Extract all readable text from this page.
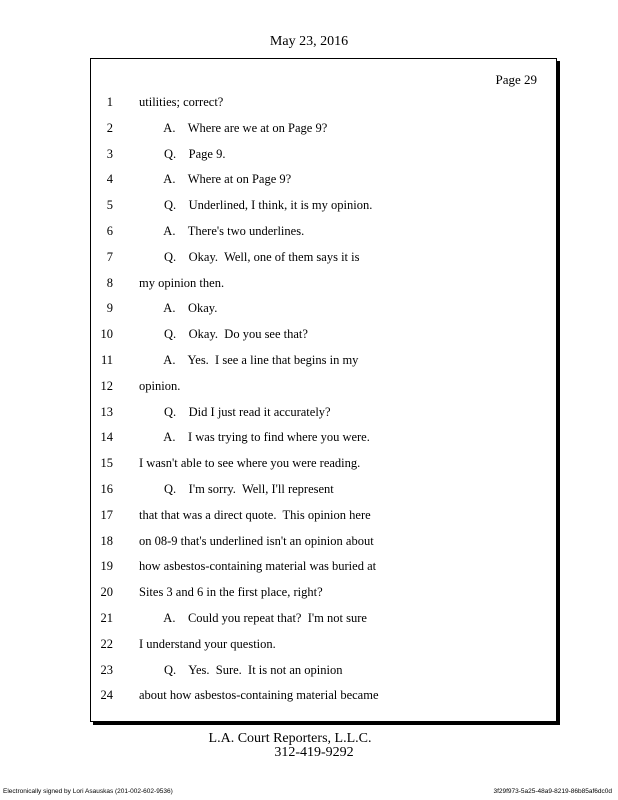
May 23, 2016
Page 29
1 utilities; correct?
2 A.    Where are we at on Page 9?
3 Q.    Page 9.
4 A.    Where at on Page 9?
5 Q.    Underlined, I think, it is my opinion.
6 A.    There's two underlines.
7 Q.    Okay.  Well, one of them says it is
8 my opinion then.
9 A.    Okay.
10 Q.    Okay.  Do you see that?
11 A.    Yes.  I see a line that begins in my
12 opinion.
13 Q.    Did I just read it accurately?
14 A.    I was trying to find where you were.
15 I wasn't able to see where you were reading.
16 Q.    I'm sorry.  Well, I'll represent
17 that that was a direct quote.  This opinion here
18 on 08-9 that's underlined isn't an opinion about
19 how asbestos-containing material was buried at
20 Sites 3 and 6 in the first place, right?
21 A.    Could you repeat that?  I'm not sure
22 I understand your question.
23 Q.    Yes.  Sure.  It is not an opinion
24 about how asbestos-containing material became
L.A. Court Reporters, L.L.C.
312-419-9292
Electronically signed by Lori Asauskas (201-002-602-9536)	3f29f973-5a25-48a9-8219-86b85af6dc0d
